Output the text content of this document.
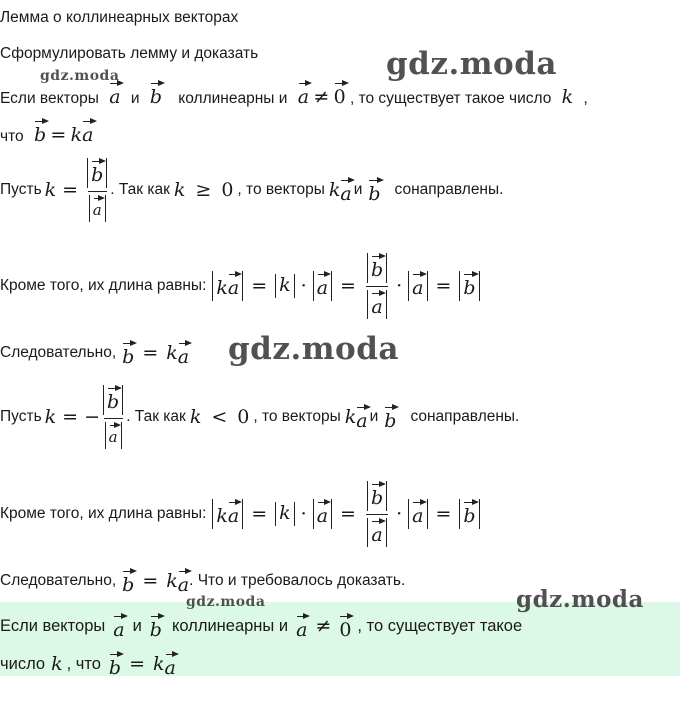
Лемма о коллинеарных векторах
Сформулировать лемму и доказать
Если векторы a и b коллинеарны и a ≠ 0 , то существует такое число k ,
что b = ka
Пусть $k = \frac{b}{a}$ . Так как k ≥ 0 , то векторы k a и b сонаправлены.
Кроме того, их длина равны: ka = $k \cdot a = \frac{b}{a} \cdot a = b$
Следовательно, b = k a
Пусть k = − $\frac{b}{a}$ . Так как k < 0 , то векторы k a и b сонаправлены.
Кроме того, их длина равны: ka = $k \cdot a = \frac{b}{a} \cdot a = b$
Следовательно, b = k a . Что и требовалось доказать.
Если векторы a и b коллинеарны и a ≠ 0 , то существует такое
число k , что b = k a
gdz.moda
gdz.moda
gdz.moda
gdz.moda	gdz.moda
